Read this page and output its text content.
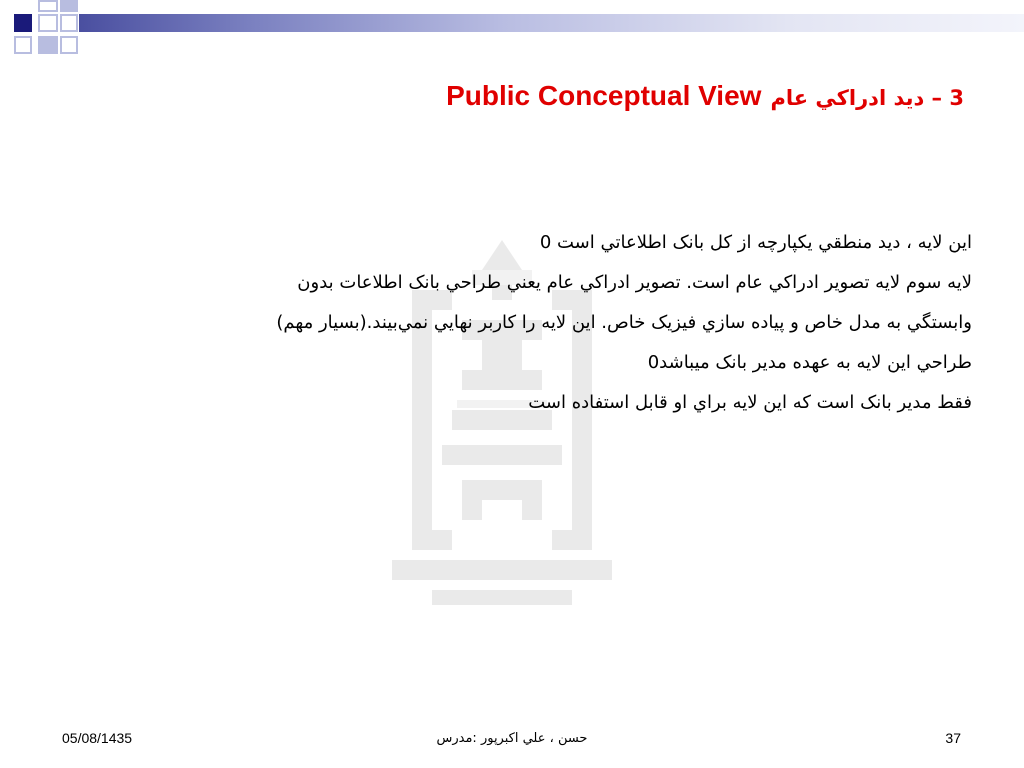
3 – ديد ادراکي عام Public Conceptual View
اين لايه ، ديد منطقي يکپارچه از کل بانک اطلاعاتي است 0
لايه سوم لايه تصوير ادراکي عام است. تصوير ادراکي عام يعني طراحي بانک اطلاعات بدون
وابستگي به مدل خاص و پياده سازي فيزيک خاص. اين لايه را کاربر نهايي نمي‌بيند.(بسيار مهم)
طراحي اين لايه به عهده مدير بانک ميباشد0
فقط مدير بانک است که اين لايه براي او قابل استفاده است
05/08/1435	حسن ، علي اکبرپور :مدرس	37
